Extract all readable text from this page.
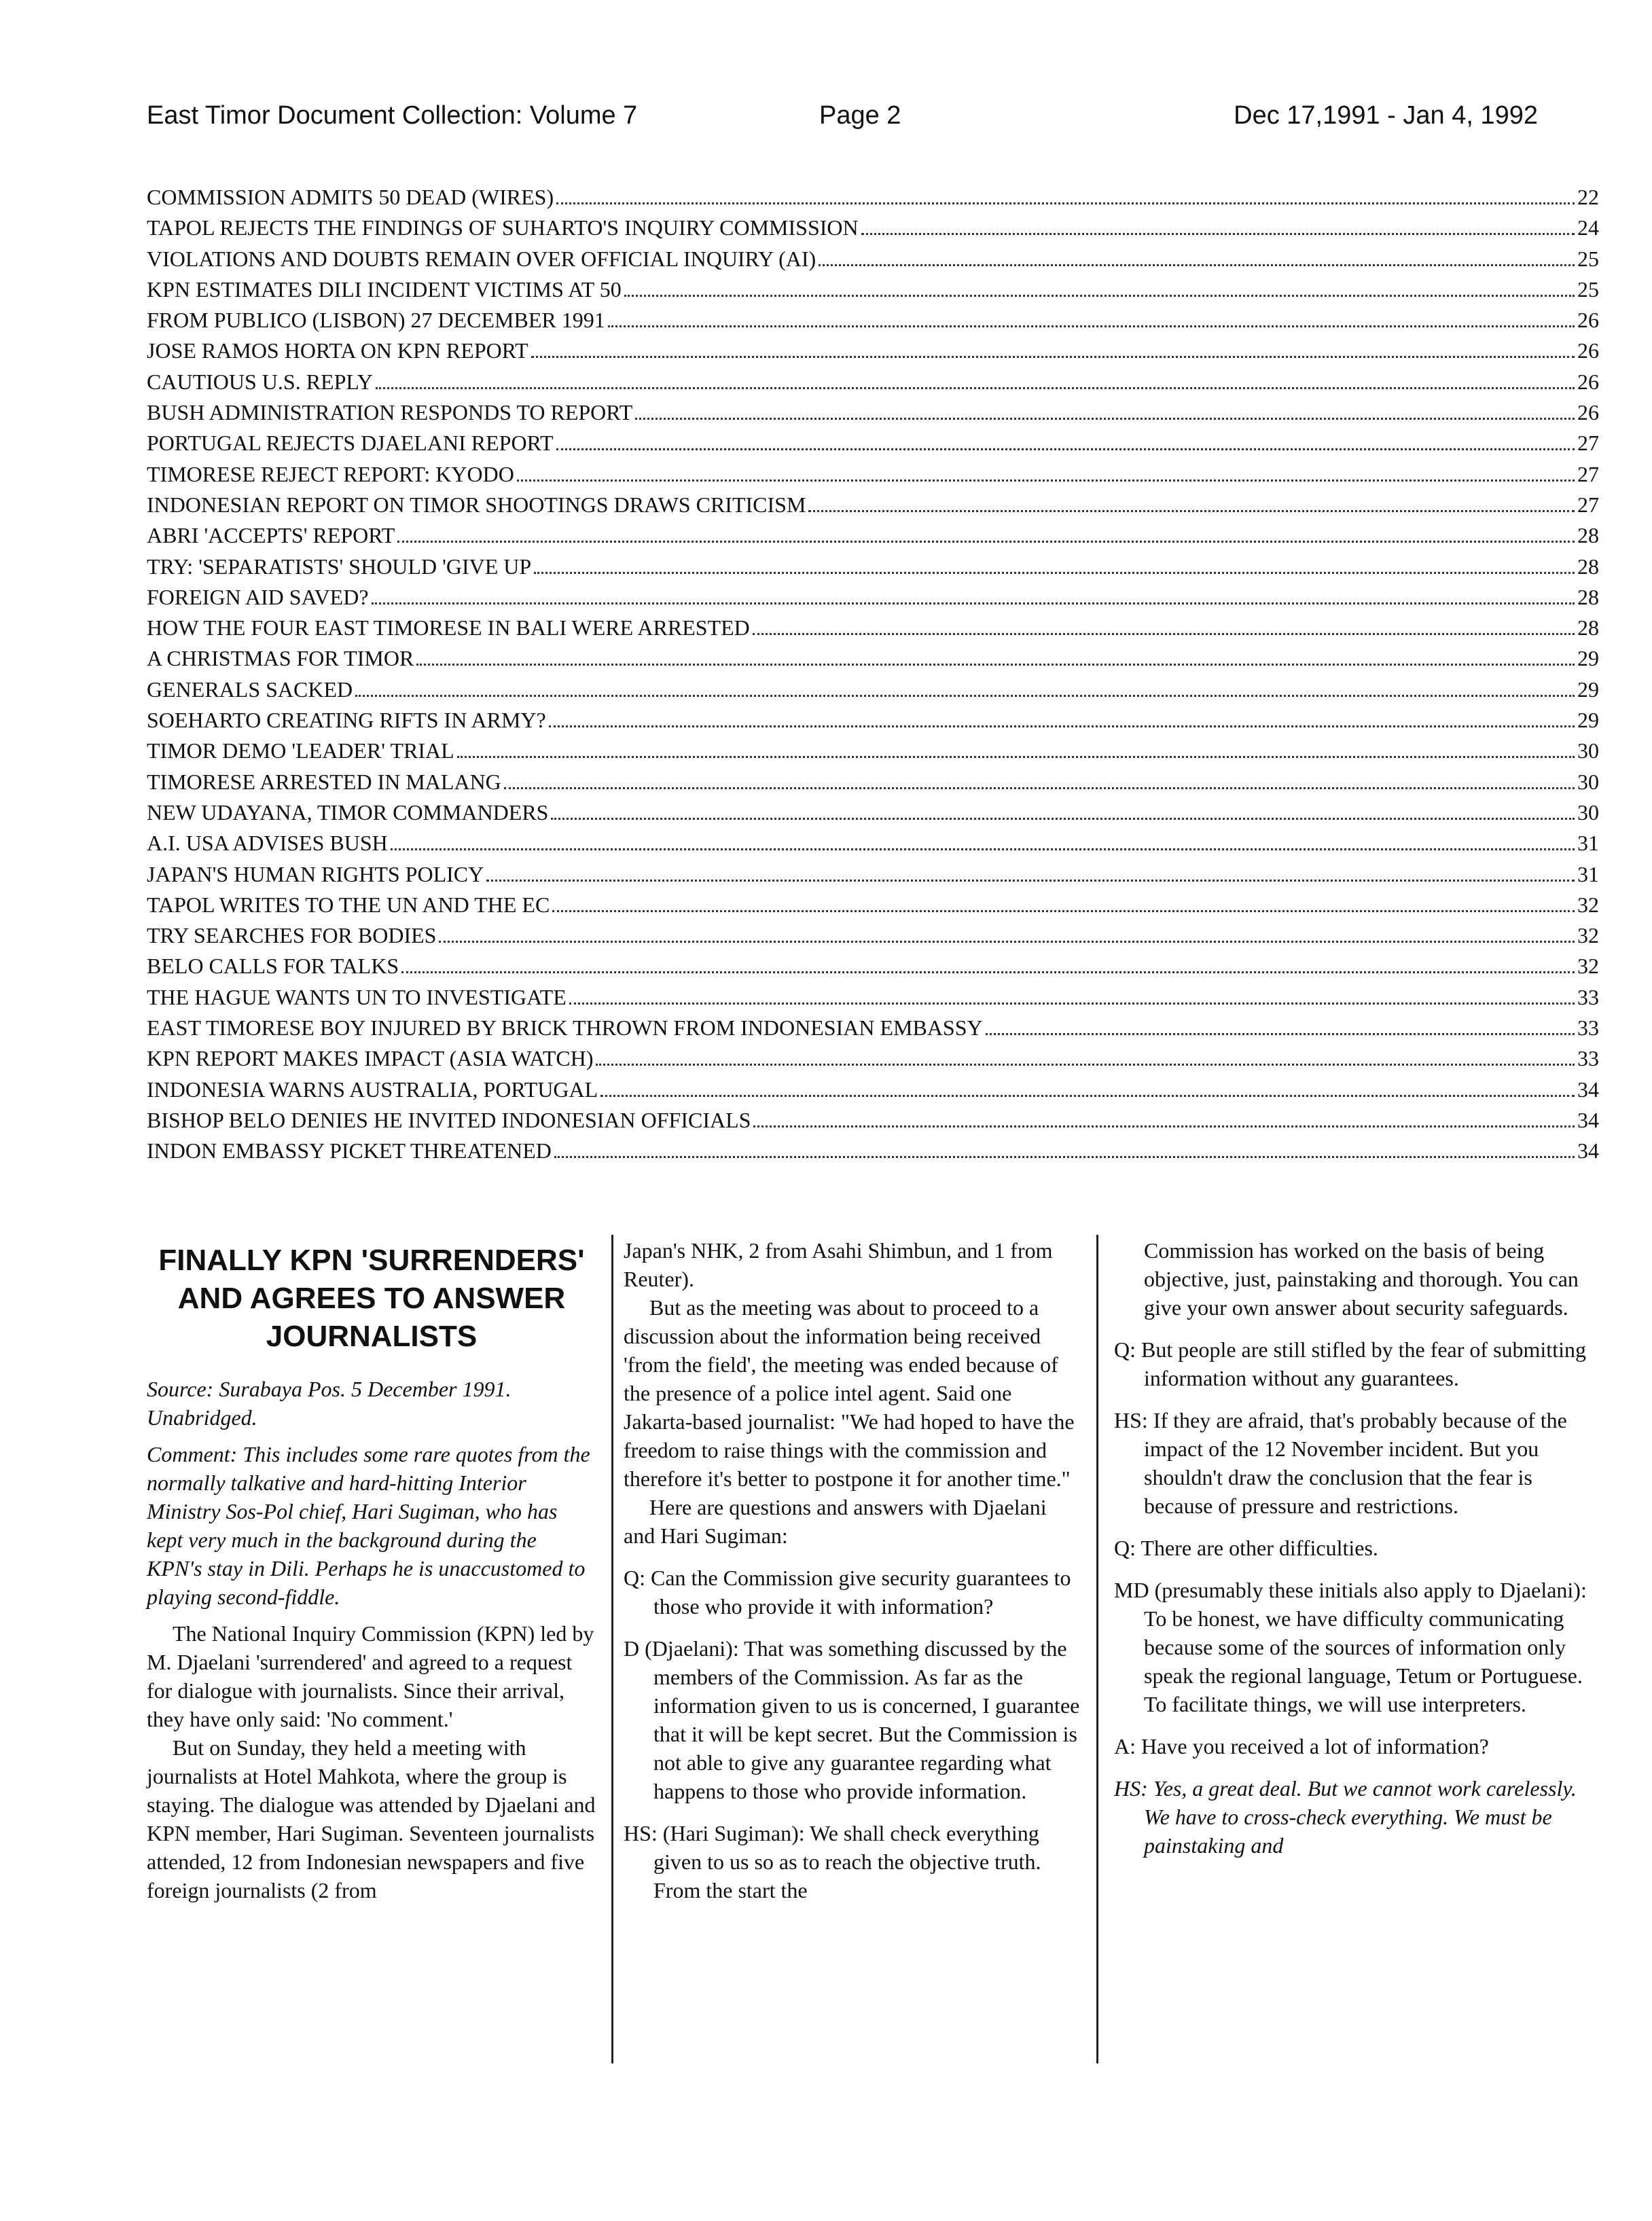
East Timor Document Collection: Volume 7	Page 2	Dec 17,1991 - Jan 4, 1992
COMMISSION ADMITS 50 DEAD (WIRES)	22
TAPOL REJECTS THE FINDINGS OF SUHARTO'S INQUIRY COMMISSION	24
VIOLATIONS AND DOUBTS REMAIN OVER OFFICIAL INQUIRY (AI)	25
KPN ESTIMATES DILI INCIDENT VICTIMS AT 50	25
FROM PUBLICO (LISBON) 27 DECEMBER 1991	26
JOSE RAMOS HORTA ON KPN REPORT	26
CAUTIOUS U.S. REPLY	26
BUSH ADMINISTRATION RESPONDS TO REPORT	26
PORTUGAL REJECTS DJAELANI REPORT	27
TIMORESE REJECT REPORT: KYODO	27
INDONESIAN REPORT ON TIMOR SHOOTINGS DRAWS CRITICISM	27
ABRI 'ACCEPTS' REPORT	28
TRY: 'SEPARATISTS' SHOULD 'GIVE UP	28
FOREIGN AID SAVED?	28
HOW THE FOUR EAST TIMORESE IN BALI WERE ARRESTED	28
A CHRISTMAS FOR TIMOR	29
GENERALS SACKED	29
SOEHARTO CREATING RIFTS IN ARMY?	29
TIMOR DEMO 'LEADER' TRIAL	30
TIMORESE ARRESTED IN MALANG	30
NEW UDAYANA, TIMOR COMMANDERS	30
A.I. USA ADVISES BUSH	31
JAPAN'S HUMAN RIGHTS POLICY	31
TAPOL WRITES TO THE UN AND THE EC	32
TRY SEARCHES FOR BODIES	32
BELO CALLS FOR TALKS	32
THE HAGUE WANTS UN TO INVESTIGATE	33
EAST TIMORESE BOY INJURED BY BRICK THROWN FROM INDONESIAN EMBASSY	33
KPN REPORT MAKES IMPACT (ASIA WATCH)	33
INDONESIA WARNS AUSTRALIA, PORTUGAL	34
BISHOP BELO DENIES HE INVITED INDONESIAN OFFICIALS	34
INDON EMBASSY PICKET THREATENED	34
FINALLY KPN 'SURRENDERS' AND AGREES TO ANSWER JOURNALISTS

Source: Surabaya Pos. 5 December 1991. Unabridged.

Comment: This includes some rare quotes from the normally talkative and hard-hitting Interior Ministry Sos-Pol chief, Hari Sugiman, who has kept very much in the background during the KPN's stay in Dili. Perhaps he is unaccustomed to playing second-fiddle.

The National Inquiry Commission (KPN) led by M. Djaelani 'surrendered' and agreed to a request for dialogue with journalists. Since their arrival, they have only said: 'No comment.'

But on Sunday, they held a meeting with journalists at Hotel Mahkota, where the group is staying. The dialogue was attended by Djaelani and KPN member, Hari Sugiman. Seventeen journalists attended, 12 from Indonesian newspapers and five foreign journalists (2 from

Japan's NHK, 2 from Asahi Shimbun, and 1 from Reuter).

But as the meeting was about to proceed to a discussion about the information being received 'from the field', the meeting was ended because of the presence of a police intel agent. Said one Jakarta-based journalist: "We had hoped to have the freedom to raise things with the commission and therefore it's better to postpone it for another time."

Here are questions and answers with Djaelani and Hari Sugiman:

Q: Can the Commission give security guarantees to those who provide it with information?

D (Djaelani): That was something discussed by the members of the Commission. As far as the information given to us is concerned, I guarantee that it will be kept secret. But the Commission is not able to give any guarantee regarding what happens to those who provide information.

HS: (Hari Sugiman): We shall check everything given to us so as to reach the objective truth. From the start the

Commission has worked on the basis of being objective, just, painstaking and thorough. You can give your own answer about security safeguards.

Q: But people are still stifled by the fear of submitting information without any guarantees.

HS: If they are afraid, that's probably because of the impact of the 12 November incident. But you shouldn't draw the conclusion that the fear is because of pressure and restrictions.

Q: There are other difficulties.

MD (presumably these initials also apply to Djaelani): To be honest, we have difficulty communicating because some of the sources of information only speak the regional language, Tetum or Portuguese. To facilitate things, we will use interpreters.

A: Have you received a lot of information?

HS: Yes, a great deal. But we cannot work carelessly. We have to cross-check everything. We must be painstaking and
